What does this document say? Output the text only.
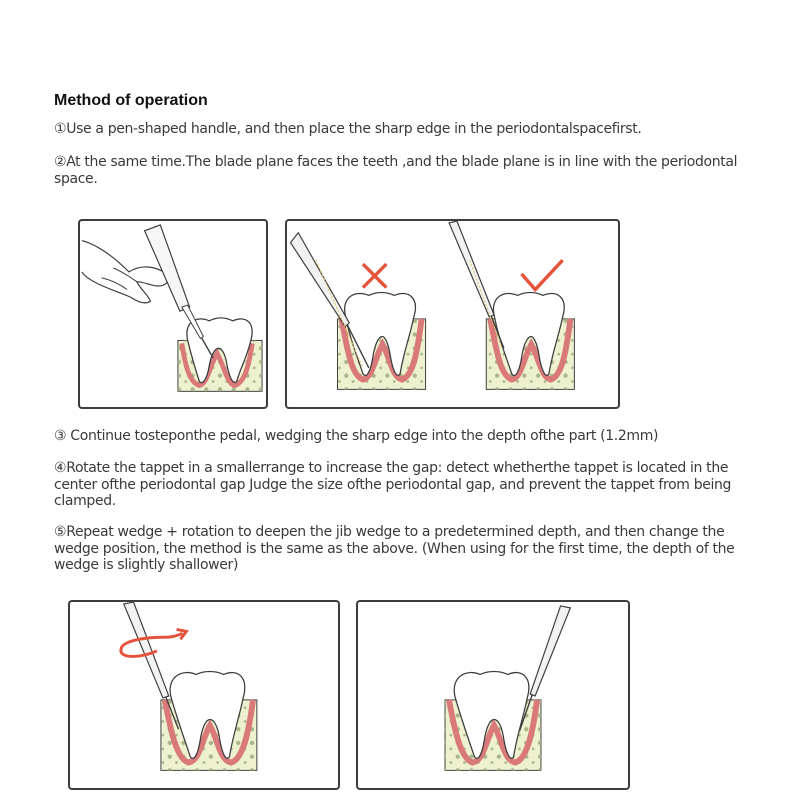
Method of operation
①Use a pen-shaped handle, and then place the sharp edge in the periodontalspacefirst.
②At the same time.The blade plane faces the teeth ,and the blade plane is in line with the periodontal space.
③ Continue tosteponthe pedal, wedging the sharp edge into the depth ofthe part (1.2mm)
④Rotate the tappet in a smallerrange to increase the gap: detect whetherthe tappet is located in the center ofthe periodontal gap Judge the size ofthe periodontal gap, and prevent the tappet from being clamped.
⑤Repeat wedge + rotation to deepen the jib wedge to a predetermined depth, and then change the wedge position, the method is the same as the above. (When using for the first time, the depth of the wedge is slightly shallower)
